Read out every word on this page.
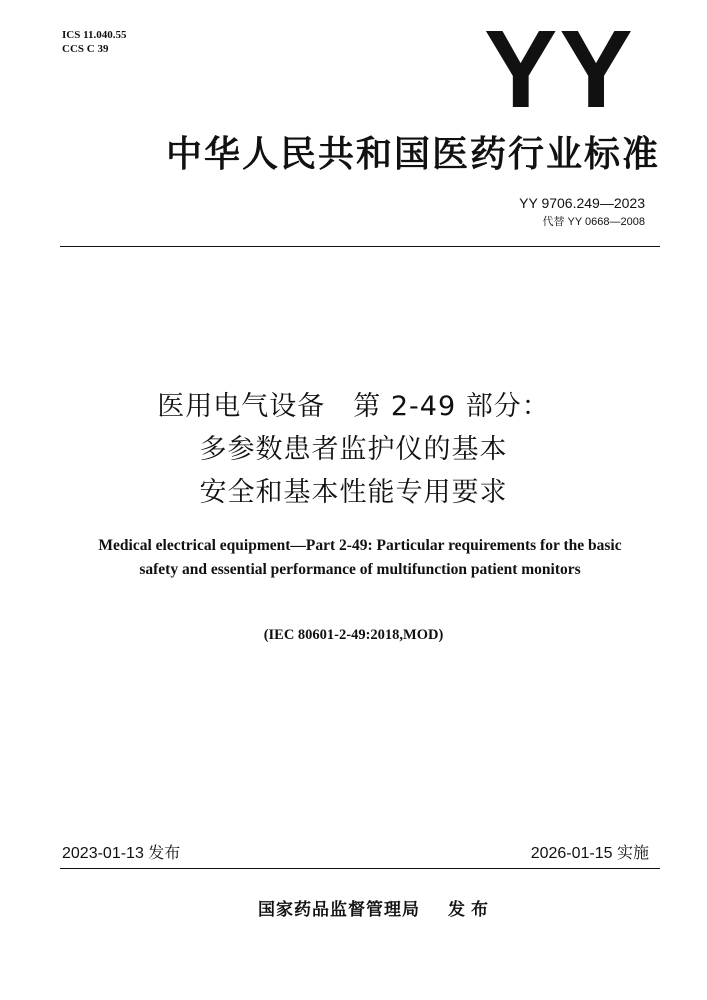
ICS 11.040.55
CCS C 39	YY
中华人民共和国医药行业标准
YY 9706.249—2023
代替 YY 0668—2008
医用电气设备　第 2-49 部分：
多参数患者监护仪的基本
安全和基本性能专用要求
Medical electrical equipment—Part 2-49: Particular requirements for the basic
safety and essential performance of multifunction patient monitors
(IEC 80601-2-49:2018,MOD)
2023-01-13 发布	2026-01-15 实施
国家药品监督管理局 发布
